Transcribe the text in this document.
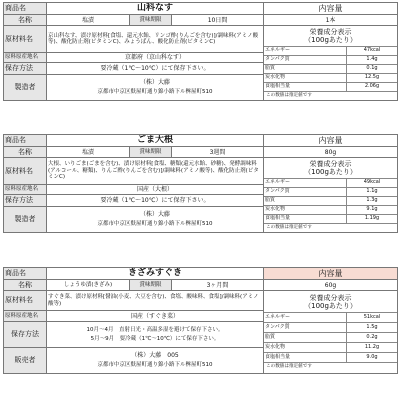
商品名	山科なす	内容量
名称	塩漬	賞味期限	10日間	1本
原材料名	京山科なす、漬け原材料[食塩、還元水飴、リンゴ酢(りんごを含む)]/調味料(アミノ酸等)、酸化防止剤(ビタミンC)、みょうばん、酸化防止剤(ビタミンC)	
栄養成分表示
（100gあたり）

エネルギー	47kcal
タンパク質	1.4g
脂質	0.1g
炭水化物	12.5g
食塩相当量	2.06g
この数値は推定値です

原料原産地名	京都府（京山科なす）
保存方法	要冷蔵（1℃～10℃）にて保存下さい。
製造者	
（株）大藤
京都市中京区麩屋町通り錦小路下ル桝屋町510
商品名	ごま大根	内容量
名称	塩漬	賞味期限	3週間	80g
原材料名	大根、いりごま(ごまを含む)、漬け原材料[食塩、糖類(還元水飴、砂糖)、発酵調味料(アルコール、糖類)、りんご酢(りんごを含む)]/調味料(アミノ酸等)、酸化防止剤(ビタミンC)	
栄養成分表示
（100gあたり）

エネルギー	49kcal
タンパク質	1.1g
脂質	1.3g
炭水化物	9.1g
食塩相当量	1.19g
この数値は推定値です

原料原産地名	国産（大根）
保存方法	要冷蔵（1℃～10℃）にて保存下さい。
製造者	
（株）大藤
京都市中京区麩屋町通り錦小路下ル桝屋町510
商品名	きざみすぐき	内容量
名称	しょうゆ漬(きざみ)	賞味期限	3ヶ月間	60g
原材料名	すぐき菜、漬け原材料[醤油(小麦、大豆を含む)、食塩、酸味料、食塩]/調味料(アミノ酸等)	
栄養成分表示
（100gあたり）

エネルギー	51kcal
タンパク質	1.5g
脂質	0.2g
炭水化物	11.2g
食塩相当量	9.0g
この数値は推定値です

原料原産地名	国産（すぐき菜）
保存方法	
10月～4月　直射日光・高温多湿を避けて保存下さい。
5月～9月　要冷蔵（1℃～10℃）にて保存下さい。

販売者	
（株）大藤　005
京都市中京区麩屋町通り錦小路下ル桝屋町510
